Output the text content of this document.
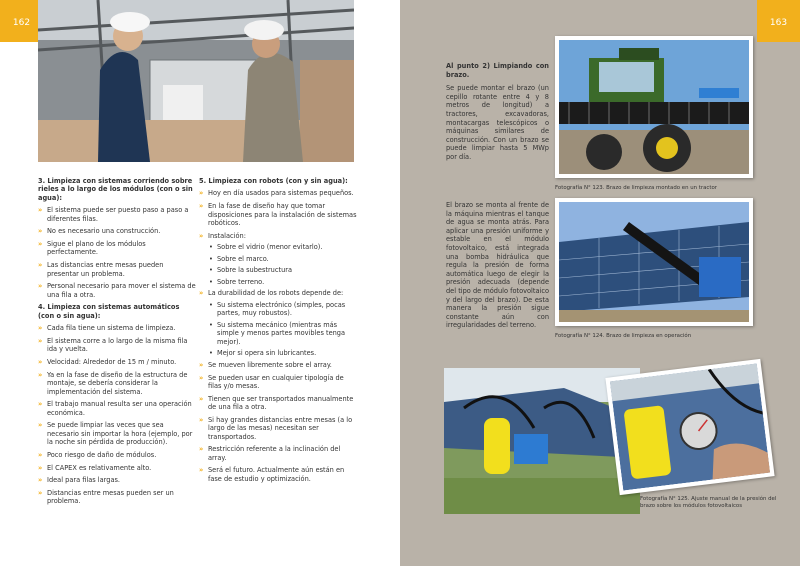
162
3. Limpieza con sistemas corriendo sobre rieles a lo largo de los módulos (con o sin agua):
» El sistema puede ser puesto paso a paso a diferentes filas.
» No es necesario una construcción.
» Sigue el plano de los módulos perfectamente.
» Las distancias entre mesas pueden presentar un problema.
» Personal necesario para mover el sistema de una fila a otra.
4. Limpieza con sistemas automáticos (con o sin agua):
» Cada fila tiene un sistema de limpieza.
» El sistema corre a lo largo de la misma fila ida y vuelta.
» Velocidad: Alrededor de 15 m / minuto.
» Ya en la fase de diseño de la estructura de montaje, se debería considerar la implementación del sistema.
» El trabajo manual resulta ser una operación económica.
» Se puede limpiar las veces que sea necesario sin importar la hora (ejemplo, por la noche sin pérdida de producción).
» Poco riesgo de daño de módulos.
» El CAPEX es relativamente alto.
» Ideal para filas largas.
» Distancias entre mesas pueden ser un problema.
5. Limpieza con robots (con y sin agua):
» Hoy en día usados para sistemas pequeños.
» En la fase de diseño hay que tomar disposiciones para la instalación de sistemas robóticos.
» Instalación:
• Sobre el vidrio (menor evitarlo).
• Sobre el marco.
• Sobre la subestructura
• Sobre terreno.
» La durabilidad de los robots depende de:
• Su sistema electrónico (simples, pocas partes, muy robustos).
• Su sistema mecánico (mientras más simple y menos partes movibles tenga mejor).
• Mejor si opera sin lubricantes.
» Se mueven libremente sobre el array.
» Se pueden usar en cualquier tipología de filas y/o mesas.
» Tienen que ser transportados manualmente de una fila a otra.
» Si hay grandes distancias entre mesas (a lo largo de las mesas) necesitan ser transportados.
» Restricción referente a la inclinación del array.
» Será el futuro. Actualmente aún están en fase de estudio y optimización.
163
Al punto 2) Limpiando con brazo.
Se puede montar el brazo (un cepillo rotante entre 4 y 8 metros de longitud) a tractores, excavadoras, montacargas telescópicos o máquinas similares de construcción. Con un brazo se puede limpiar hasta 5 MWp por día.
Fotografía N° 123. Brazo de limpieza montado en un tractor
El brazo se monta al frente de la máquina mientras el tanque de agua se monta atrás. Para aplicar una presión uniforme y estable en el módulo fotovoltaico, está integrada una bomba hidráulica que regula la presión de forma automática luego de elegir la presión adecuada (depende del tipo de módulo fotovoltaico y del largo del brazo). De esta manera la presión sigue constante aún con irregularidades del terreno.
Fotografía N° 124. Brazo de limpieza en operación
Fotografía N° 125. Ajuste manual de la presión del brazo sobre los módulos fotovoltaicos
